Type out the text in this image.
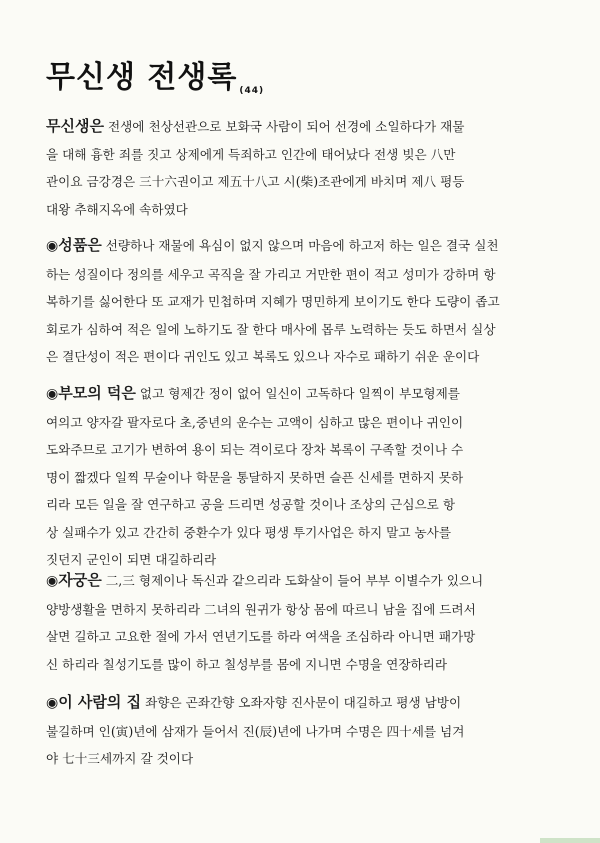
무신생 전생록 (44)
무신생은 전생에 천상선관으로 보화국 사람이 되어 선경에 소일하다가 재물
을 대해 흉한 죄를 짓고 상제에게 득죄하고 인간에 태어났다 전생 빚은 八만
관이요 금강경은 三十六권이고 제五十八고 시(柴)조관에게 바치며 제八 평등
대왕 추해지옥에 속하였다
◉성품은 선량하나 재물에 욕심이 없지 않으며 마음에 하고저 하는 일은 결국 실천
하는 성질이다 정의를 세우고 곡직을 잘 가리고 거만한 편이 적고 성미가 강하며 항
복하기를 싫어한다 또 교재가 민첩하며 지혜가 명민하게 보이기도 한다 도량이 좁고
회로가 심하여 적은 일에 노하기도 잘 한다 매사에 몹루 노력하는 듯도 하면서 실상
은 결단성이 적은 편이다 귀인도 있고 복록도 있으나 자수로 패하기 쉬운 운이다
◉부모의 덕은 없고 형제간 정이 없어 일신이 고독하다 일찍이 부모형제를
여의고 양자갈 팔자로다 초,중년의 운수는 고액이 심하고 많은 편이나 귀인이
도와주므로 고기가 변하여 용이 되는 격이로다 장차 복록이 구족할 것이나 수
명이 짧겠다 일찍 무술이나 학문을 통달하지 못하면 슬픈 신세를 면하지 못하
리라 모든 일을 잘 연구하고 공을 드리면 성공할 것이나 조상의 근심으로 항
상 실패수가 있고 간간히 중환수가 있다 평생 투기사업은 하지 말고 농사를
짓던지 군인이 되면 대길하리라
◉자궁은 二,三 형제이나 독신과 같으리라 도화살이 들어 부부 이별수가 있으니
양방생활을 면하지 못하리라 二녀의 원귀가 항상 몸에 따르니 남을 집에 드려서
살면 길하고 고요한 절에 가서 연년기도를 하라 여색을 조심하라 아니면 패가망
신 하리라 칠성기도를 많이 하고 칠성부를 몸에 지니면 수명을 연장하리라
◉이 사람의 집 좌향은 곤좌간향 오좌자향 진사문이 대길하고 평생 남방이
불길하며 인(寅)년에 삼재가 들어서 진(辰)년에 나가며 수명은 四十세를 넘겨
야 七十三세까지 갈 것이다
